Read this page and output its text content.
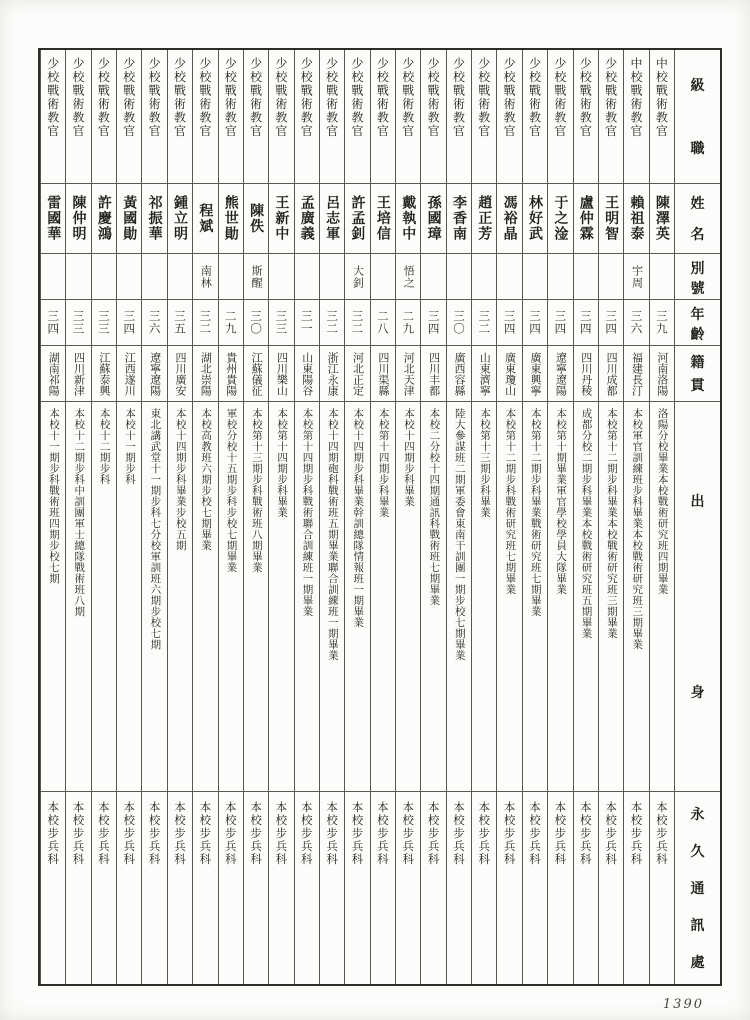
級
職
姓
名
別
號
年
齡
籍
貫
出
身
永
久
通
訊
處
中校戰術教官
陳澤英
三九
河南洛陽
洛陽分校畢業本校戰術研究班四期畢業
本校步兵科
中校戰術教官
賴祖泰
宇周
三六
福建長汀
本校軍官訓練班步科畢業本校戰術研究班三期畢業
本校步兵科
少校戰術教官
王明智
三四
四川成都
本校第十二期步科畢業本校戰術研究班三期畢業
本校步兵科
少校戰術教官
盧仲霖
三四
四川丹稜
成都分校二期步科畢業本校戰術研究班五期畢業
本校步兵科
少校戰術教官
于之淦
三四
遼寧遼陽
本校第十期畢業軍官學校學員大隊畢業
本校步兵科
少校戰術教官
林好武
三四
廣東興寧
本校第十二期步科畢業戰術研究班七期畢業
本校步兵科
少校戰術教官
馮裕晶
三四
廣東瓊山
本校第十二期步科戰術研究班七期畢業
本校步兵科
少校戰術教官
趙正芳
三二
山東濟寧
本校第十三期步科畢業
本校步兵科
少校戰術教官
李香南
三〇
廣西容縣
陸大參謀班二期軍委會東南干訓團一期步校七期畢業
本校步兵科
少校戰術教官
孫國璋
三四
四川丰都
本校二分校十四期通訊科戰術班七期畢業
本校步兵科
少校戰術教官
戴執中
悟之
二九
河北天津
本校十四期步科畢業
本校步兵科
少校戰術教官
王培信
二八
四川渠縣
本校第十四期步科畢業
本校步兵科
少校戰術教官
許孟釗
大釗
三二
河北正定
本校十四期步科畢業幹訓總隊情報班一期畢業
本校步兵科
少校戰術教官
呂志軍
三二
浙江永康
本校十四期砲科戰術班五期畢業聯合訓練班一期畢業
本校步兵科
少校戰術教官
孟廣義
三一
山東陽谷
本校第十四期步科戰術聯合訓練班一期畢業
本校步兵科
少校戰術教官
王新中
三三
四川樂山
本校第十四期步科畢業
本校步兵科
少校戰術教官
陳佚
斯醒
三〇
江蘇儀征
本校第十三期步科戰術班八期畢業
本校步兵科
少校戰術教官
熊世勛
二九
貴州貴陽
軍校分校十五期步科步校七期畢業
本校步兵科
少校戰術教官
程斌
南林
三二
湖北崇陽
本校高教班六期步校七期畢業
本校步兵科
少校戰術教官
鍾立明
三五
四川廣安
本校十四期步科畢業步校五期
本校步兵科
少校戰術教官
祁振華
三六
遼寧遼陽
東北講武堂十一期步科七分校軍訓班六期步校七期
本校步兵科
少校戰術教官
黃國勛
三四
江西遂川
本校十一期步科
本校步兵科
少校戰術教官
許慶鴻
三三
江蘇泰興
本校十二期步科
本校步兵科
少校戰術教官
陳仲明
三三
四川新津
本校十二期步科中訓團軍士總隊戰術班八期
本校步兵科
少校戰術教官
雷國華
三四
湖南祁陽
本校十一期步科戰術班四期步校七期
本校步兵科
1390
